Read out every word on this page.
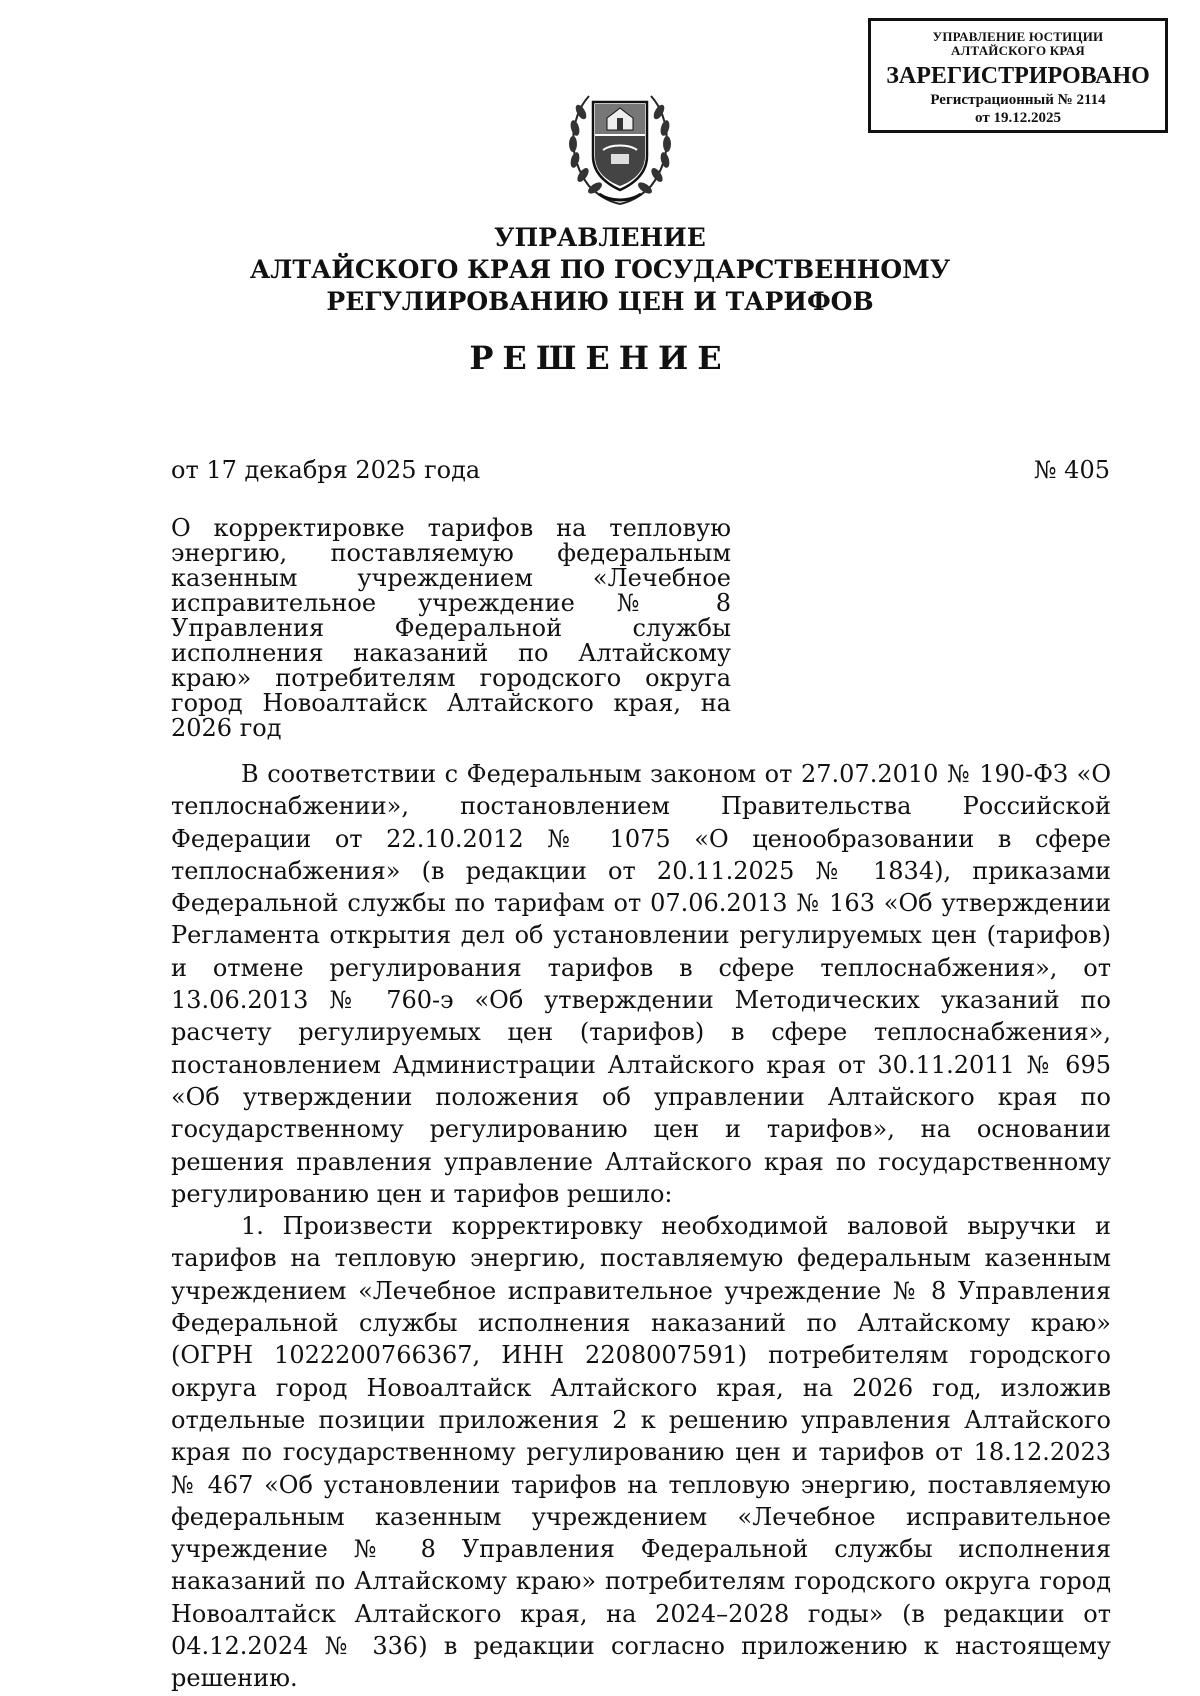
УПРАВЛЕНИЕ ЮСТИЦИИ
АЛТАЙСКОГО КРАЯ
ЗАРЕГИСТРИРОВАНО
Регистрационный № 2114
от 19.12.2025
УПРАВЛЕНИЕ
АЛТАЙСКОГО КРАЯ ПО ГОСУДАРСТВЕННОМУ
РЕГУЛИРОВАНИЮ ЦЕН И ТАРИФОВ
РЕШЕНИЕ
от 17 декабря 2025 года	№ 405
О корректировке тарифов на тепловую энергию, поставляемую федеральным казенным учреждением «Лечебное исправительное учреждение № 8 Управления Федеральной службы исполнения наказаний по Алтайскому краю» потребителям городского округа город Новоалтайск Алтайского края, на 2026 год

В соответствии с Федеральным законом от 27.07.2010 № 190-ФЗ «О теплоснабжении», постановлением Правительства Российской Федерации от 22.10.2012 № 1075 «О ценообразовании в сфере теплоснабжения» (в редакции от 20.11.2025 № 1834), приказами Федеральной службы по тарифам от 07.06.2013 № 163 «Об утверждении Регламента открытия дел об установлении регулируемых цен (тарифов) и отмене регулирования тарифов в сфере теплоснабжения», от 13.06.2013 № 760-э «Об утверждении Методических указаний по расчету регулируемых цен (тарифов) в сфере теплоснабжения», постановлением Администрации Алтайского края от 30.11.2011 № 695 «Об утверждении положения об управлении Алтайского края по государственному регулированию цен и тарифов», на основании решения правления управление Алтайского края по государственному регулированию цен и тарифов решило:

1. Произвести корректировку необходимой валовой выручки и тарифов на тепловую энергию, поставляемую федеральным казенным учреждением «Лечебное исправительное учреждение № 8 Управления Федеральной службы исполнения наказаний по Алтайскому краю» (ОГРН 1022200766367, ИНН 2208007591) потребителям городского округа город Новоалтайск Алтайского края, на 2026 год, изложив отдельные позиции приложения 2 к решению управления Алтайского края по государственному регулированию цен и тарифов от 18.12.2023 № 467 «Об установлении тарифов на тепловую энергию, поставляемую федеральным казенным учреждением «Лечебное исправительное учреждение № 8 Управления Федеральной службы исполнения наказаний по Алтайскому краю» потребителям городского округа город Новоалтайск Алтайского края, на 2024–2028 годы» (в редакции от 04.12.2024 № 336) в редакции согласно приложению к настоящему решению.
